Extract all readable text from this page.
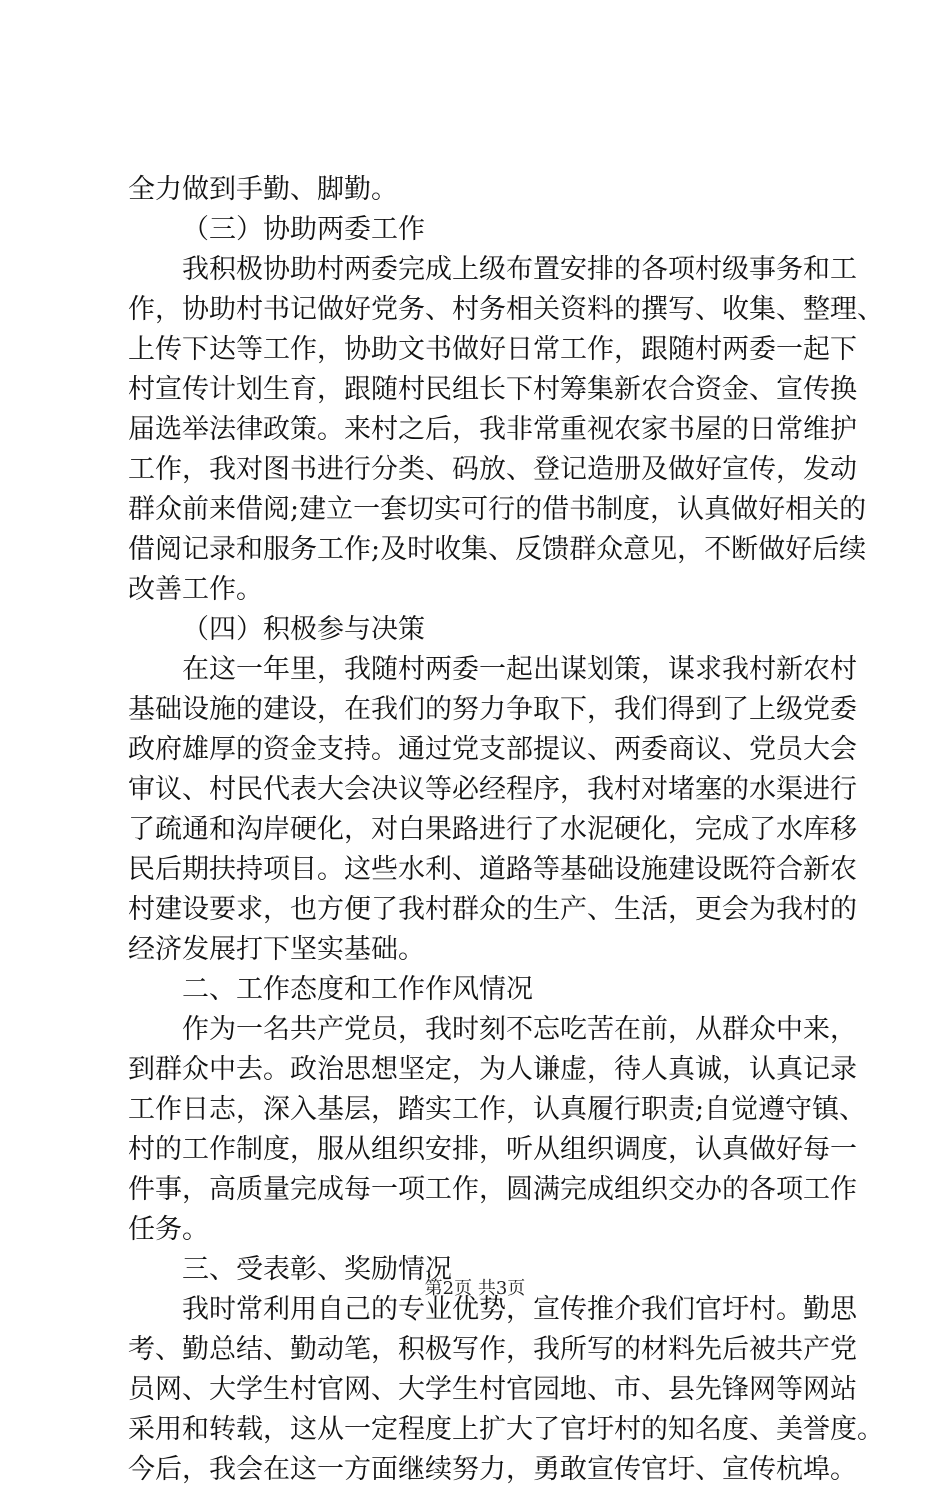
全力做到手勤、脚勤。
（三）协助两委工作
我积极协助村两委完成上级布置安排的各项村级事务和工
作，协助村书记做好党务、村务相关资料的撰写、收集、整理、
上传下达等工作，协助文书做好日常工作，跟随村两委一起下
村宣传计划生育，跟随村民组长下村筹集新农合资金、宣传换
届选举法律政策。来村之后，我非常重视农家书屋的日常维护
工作，我对图书进行分类、码放、登记造册及做好宣传，发动
群众前来借阅;建立一套切实可行的借书制度，认真做好相关的
借阅记录和服务工作;及时收集、反馈群众意见，不断做好后续
改善工作。
（四）积极参与决策
在这一年里，我随村两委一起出谋划策，谋求我村新农村
基础设施的建设，在我们的努力争取下，我们得到了上级党委
政府雄厚的资金支持。通过党支部提议、两委商议、党员大会
审议、村民代表大会决议等必经程序，我村对堵塞的水渠进行
了疏通和沟岸硬化，对白果路进行了水泥硬化，完成了水库移
民后期扶持项目。这些水利、道路等基础设施建设既符合新农
村建设要求，也方便了我村群众的生产、生活，更会为我村的
经济发展打下坚实基础。
二、工作态度和工作作风情况
作为一名共产党员，我时刻不忘吃苦在前，从群众中来，
到群众中去。政治思想坚定，为人谦虚，待人真诚，认真记录
工作日志，深入基层，踏实工作，认真履行职责;自觉遵守镇、
村的工作制度，服从组织安排，听从组织调度，认真做好每一
件事，高质量完成每一项工作，圆满完成组织交办的各项工作
任务。
三、受表彰、奖励情况
我时常利用自己的专业优势，宣传推介我们官圩村。勤思
考、勤总结、勤动笔，积极写作，我所写的材料先后被共产党
员网、大学生村官网、大学生村官园地、市、县先锋网等网站
采用和转载，这从一定程度上扩大了官圩村的知名度、美誉度。
今后，我会在这一方面继续努力，勇敢宣传官圩、宣传杭埠。
第2页 共3页
